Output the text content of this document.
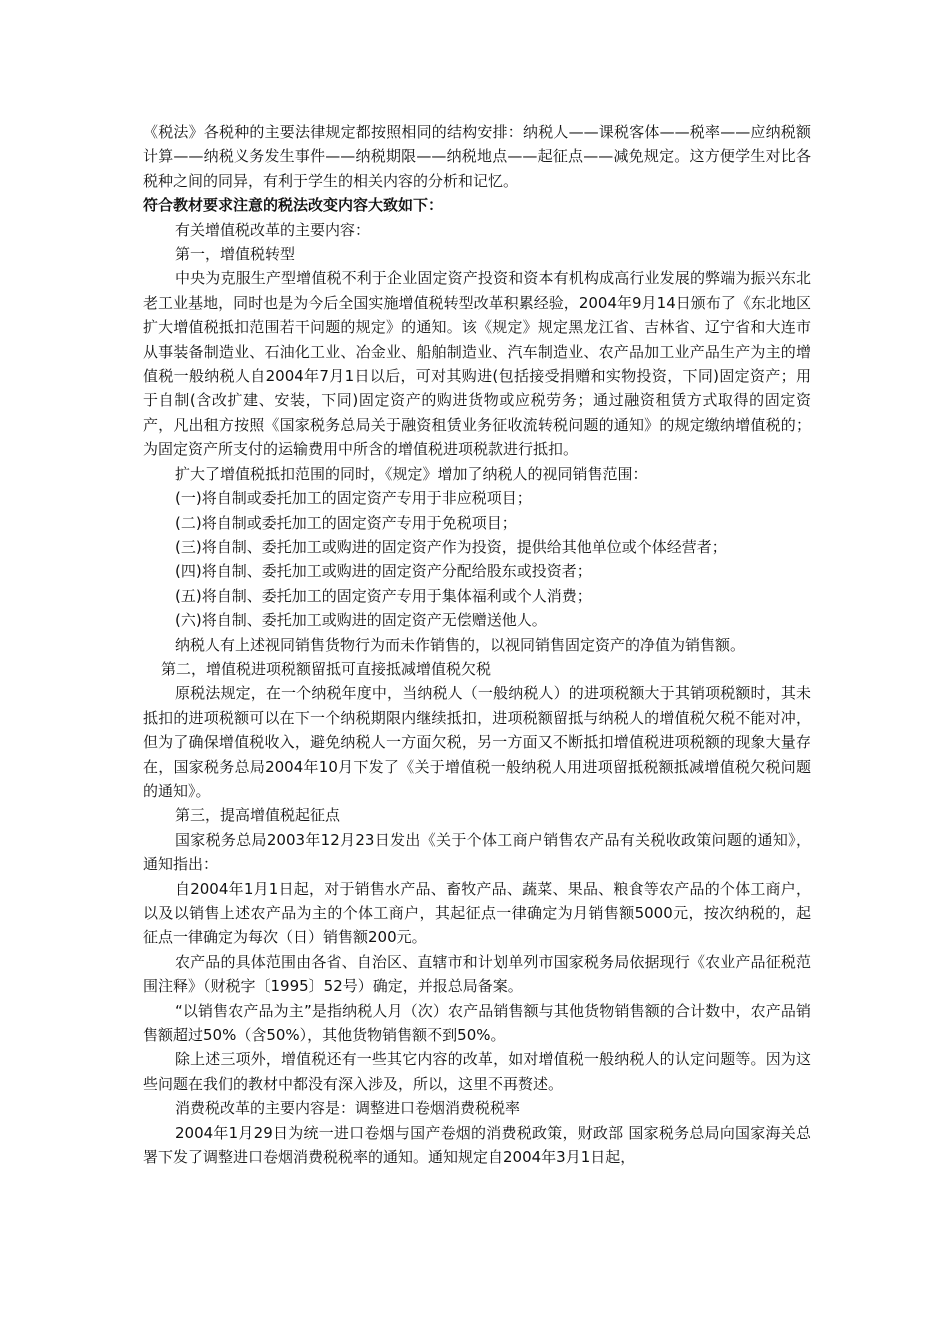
《税法》各税种的主要法律规定都按照相同的结构安排：纳税人——课税客体——税率——应纳税额计算——纳税义务发生事件——纳税期限——纳税地点——起征点——减免规定。这方便学生对比各税种之间的同异，有利于学生的相关内容的分析和记忆。

符合教材要求注意的税法改变内容大致如下：

有关增值税改革的主要内容：

第一，增值税转型

中央为克服生产型增值税不利于企业固定资产投资和资本有机构成高行业发展的弊端为振兴东北老工业基地，同时也是为今后全国实施增值税转型改革积累经验，2004年9月14日颁布了《东北地区扩大增值税抵扣范围若干问题的规定》的通知。该《规定》规定黑龙江省、吉林省、辽宁省和大连市从事装备制造业、石油化工业、冶金业、船舶制造业、汽车制造业、农产品加工业产品生产为主的增值税一般纳税人自2004年7月1日以后，可对其购进(包括接受捐赠和实物投资，下同)固定资产；用于自制(含改扩建、安装，下同)固定资产的购进货物或应税劳务；通过融资租赁方式取得的固定资产，凡出租方按照《国家税务总局关于融资租赁业务征收流转税问题的通知》的规定缴纳增值税的；为固定资产所支付的运输费用中所含的增值税进项税款进行抵扣。

扩大了增值税抵扣范围的同时，《规定》增加了纳税人的视同销售范围：

(一)将自制或委托加工的固定资产专用于非应税项目；

(二)将自制或委托加工的固定资产专用于免税项目；

(三)将自制、委托加工或购进的固定资产作为投资，提供给其他单位或个体经营者；

(四)将自制、委托加工或购进的固定资产分配给股东或投资者；

(五)将自制、委托加工的固定资产专用于集体福利或个人消费；

(六)将自制、委托加工或购进的固定资产无偿赠送他人。

纳税人有上述视同销售货物行为而未作销售的，以视同销售固定资产的净值为销售额。

第二，增值税进项税额留抵可直接抵减增值税欠税

原税法规定，在一个纳税年度中，当纳税人（一般纳税人）的进项税额大于其销项税额时，其未抵扣的进项税额可以在下一个纳税期限内继续抵扣，进项税额留抵与纳税人的增值税欠税不能对冲，但为了确保增值税收入，避免纳税人一方面欠税，另一方面又不断抵扣增值税进项税额的现象大量存在，国家税务总局2004年10月下发了《关于增值税一般纳税人用进项留抵税额抵减增值税欠税问题的通知》。

第三，提高增值税起征点

国家税务总局2003年12月23日发出《关于个体工商户销售农产品有关税收政策问题的通知》，通知指出：

自2004年1月1日起，对于销售水产品、畜牧产品、蔬菜、果品、粮食等农产品的个体工商户，以及以销售上述农产品为主的个体工商户，其起征点一律确定为月销售额5000元，按次纳税的，起征点一律确定为每次（日）销售额200元。

农产品的具体范围由各省、自治区、直辖市和计划单列市国家税务局依据现行《农业产品征税范围注释》（财税字〔1995〕52号）确定，并报总局备案。

“以销售农产品为主”是指纳税人月（次）农产品销售额与其他货物销售额的合计数中，农产品销售额超过50%（含50%），其他货物销售额不到50%。

除上述三项外，增值税还有一些其它内容的改革，如对增值税一般纳税人的认定问题等。因为这些问题在我们的教材中都没有深入涉及，所以，这里不再赘述。

消费税改革的主要内容是：调整进口卷烟消费税税率

2004年1月29日为统一进口卷烟与国产卷烟的消费税政策，财政部 国家税务总局向国家海关总署下发了调整进口卷烟消费税税率的通知。通知规定自2004年3月1日起，
